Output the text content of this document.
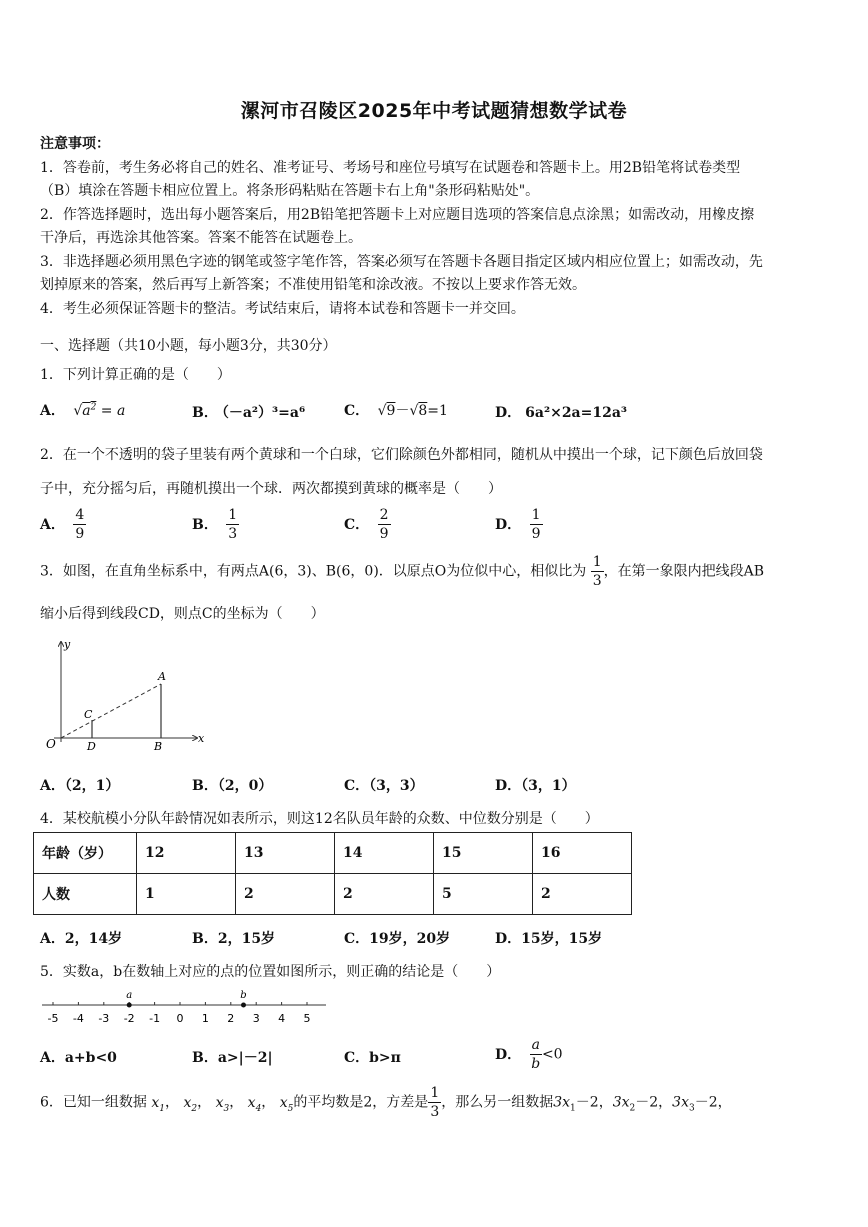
漯河市召陵区2025年中考试题猜想数学试卷

注意事项：

1．答卷前，考生务必将自己的姓名、准考证号、考场号和座位号填写在试题卷和答题卡上。用2B铅笔将试卷类型

（B）填涂在答题卡相应位置上。将条形码粘贴在答题卡右上角"条形码粘贴处"。

2．作答选择题时，选出每小题答案后，用2B铅笔把答题卡上对应题目选项的答案信息点涂黑；如需改动，用橡皮擦

干净后，再选涂其他答案。答案不能答在试题卷上。

3．非选择题必须用黑色字迹的钢笔或签字笔作答，答案必须写在答题卡各题目指定区域内相应位置上；如需改动，先

划掉原来的答案，然后再写上新答案；不准使用铅笔和涂改液。不按以上要求作答无效。

4．考生必须保证答题卡的整洁。考试结束后，请将本试卷和答题卡一并交回。

一、选择题（共10小题，每小题3分，共30分）
1．下列计算正确的是（　　）
A． $√a^2 = a$	B． （－a²）³=a⁶	C． √9－√8=1	D． 6a²×2a=12a³
2．在一个不透明的袋子里装有两个黄球和一个白球，它们除颜色外都相同，随机从中摸出一个球，记下颜色后放回袋
子中，充分摇匀后，再随机摸出一个球．两次都摸到黄球的概率是（　　）
A． $\frac{4}{9}$	B． $\frac{1}{3}$	C． $\frac{2}{9}$	D． $\frac{1}{9}$
3．如图，在直角坐标系中，有两点A(6，3)、B(6，0)．以原点O为位似中心，相似比为 $\frac{1}{3}$ ，在第一象限内把线段AB
缩小后得到线段CD，则点C的坐标为（　　）
y
x
O
A
B
C
D
A．（2，1）	B．（2，0）	C．（3，3）	D．（3，1）
4．某校航模小分队年龄情况如表所示，则这12名队员年龄的众数、中位数分别是（　　）
年龄（岁）	12	13	14	15	16
人数	1	2	2	5	2
A．2，14岁	B．2，15岁	C．19岁，20岁	D．15岁，15岁
5．实数a，b在数轴上对应的点的位置如图所示，则正确的结论是（　　）
-5 -4 -3 -2 -1 0 1 2 3 4 5
a	b
A．a+b<0	B．a>|－2|	C．b>π	D． $\frac{a}{b} <0$
6．已知一组数据 $x_1$， $x_2$， $x_3$， $x_4$， $x_5$的平均数是2，方差是 $\frac{1}{3}$ ，那么另一组数据$3x_1-2$，$3x_2-2$，$3x_3-2$，
